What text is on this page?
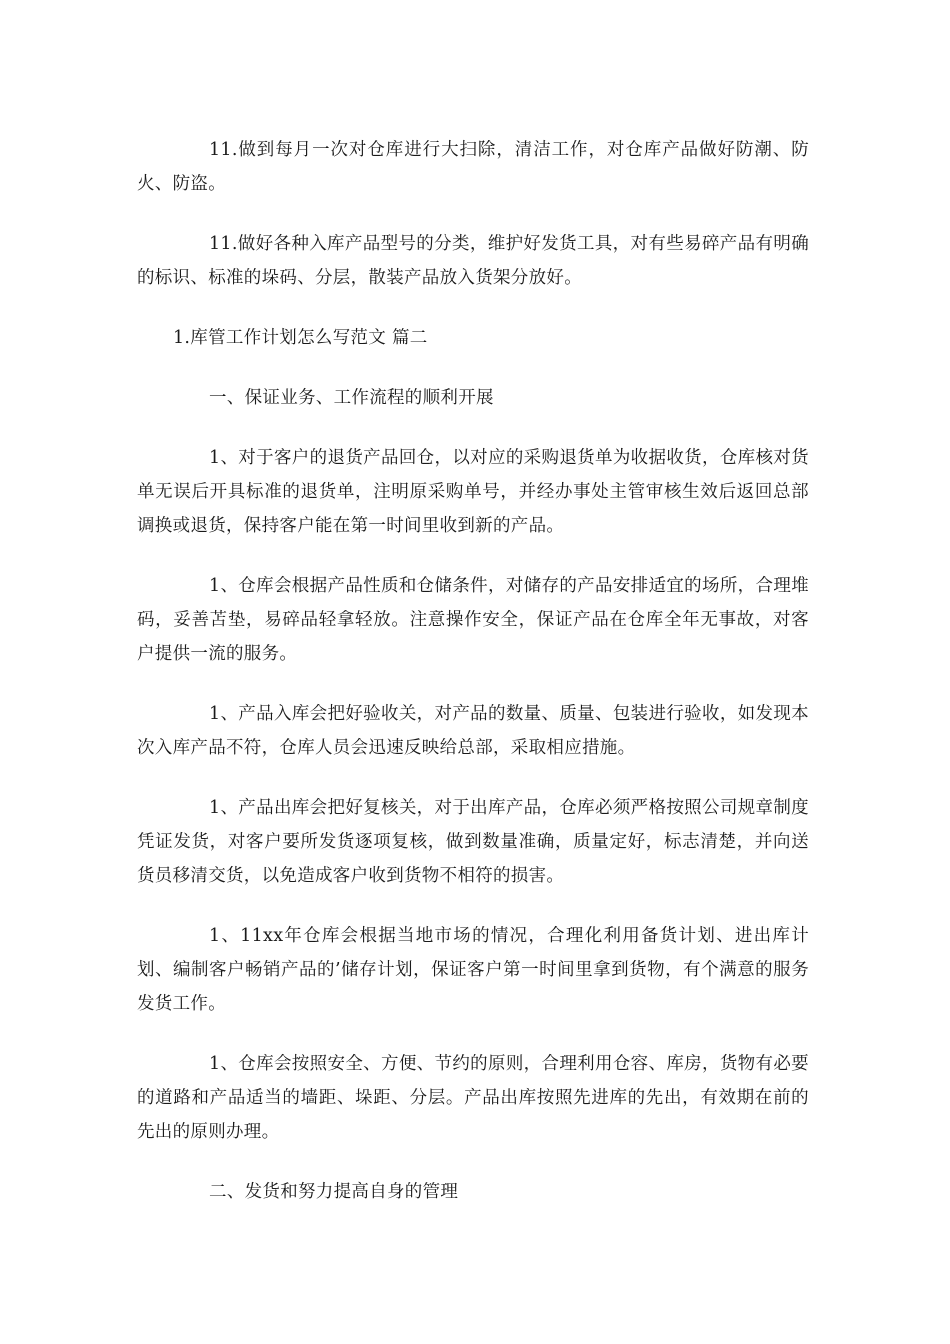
11.做到每月一次对仓库进行大扫除，清洁工作，对仓库产品做好防潮、防火、防盗。

11.做好各种入库产品型号的分类，维护好发货工具，对有些易碎产品有明确的标识、标准的垛码、分层，散装产品放入货架分放好。

1.库管工作计划怎么写范文 篇二

一、保证业务、工作流程的顺利开展

1、对于客户的退货产品回仓，以对应的采购退货单为收据收货，仓库核对货单无误后开具标准的退货单，注明原采购单号，并经办事处主管审核生效后返回总部调换或退货，保持客户能在第一时间里收到新的产品。

1、仓库会根据产品性质和仓储条件，对储存的产品安排适宜的场所，合理堆码，妥善苫垫，易碎品轻拿轻放。注意操作安全，保证产品在仓库全年无事故，对客户提供一流的服务。

1、产品入库会把好验收关，对产品的数量、质量、包装进行验收，如发现本次入库产品不符，仓库人员会迅速反映给总部，采取相应措施。

1、产品出库会把好复核关，对于出库产品，仓库必须严格按照公司规章制度凭证发货，对客户要所发货逐项复核，做到数量准确，质量定好，标志清楚，并向送货员移清交货，以免造成客户收到货物不相符的损害。

1、11xx年仓库会根据当地市场的情况，合理化利用备货计划、进出库计划、编制客户畅销产品的’储存计划，保证客户第一时间里拿到货物，有个满意的服务发货工作。

1、仓库会按照安全、方便、节约的原则，合理利用仓容、库房，货物有必要的道路和产品适当的墙距、垛距、分层。产品出库按照先进库的先出，有效期在前的先出的原则办理。

二、发货和努力提高自身的管理
